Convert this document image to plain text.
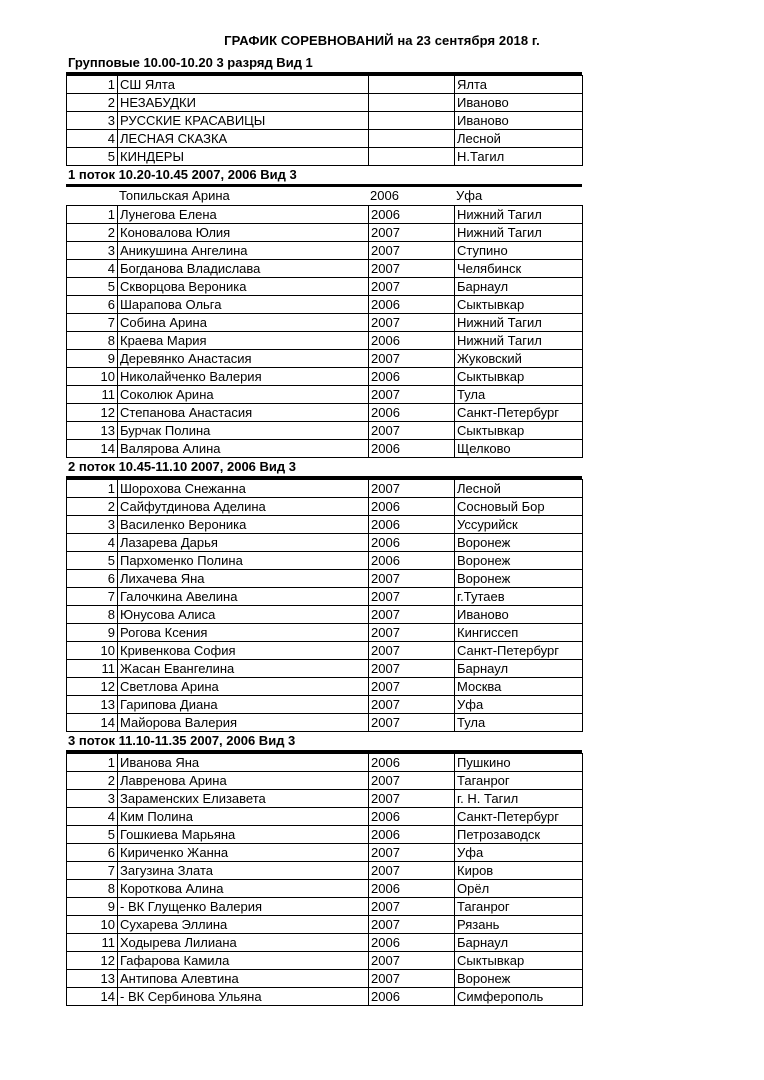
ГРАФИК СОРЕВНОВАНИЙ на 23 сентября 2018 г.
Групповые 10.00-10.20 3 разряд Вид 1
1	СШ Ялта		Ялта
2	НЕЗАБУДКИ		Иваново
3	РУССКИЕ КРАСАВИЦЫ		Иваново
4	ЛЕСНАЯ СКАЗКА		Лесной
5	КИНДЕРЫ		Н.Тагил
1 поток 10.20-10.45 2007, 2006 Вид 3
	Топильская Арина	2006	Уфа
1	Лунегова Елена	2006	Нижний Тагил
2	Коновалова Юлия	2007	Нижний Тагил
3	Аникушина Ангелина	2007	Ступино
4	Богданова Владислава	2007	Челябинск
5	Скворцова Вероника	2007	Барнаул
6	Шарапова Ольга	2006	Сыктывкар
7	Собина Арина	2007	Нижний Тагил
8	Краева Мария	2006	Нижний Тагил
9	Деревянко Анастасия	2007	Жуковский
10	Николайченко Валерия	2006	Сыктывкар
11	Соколюк Арина	2007	Тула
12	Степанова Анастасия	2006	Санкт-Петербург
13	Бурчак Полина	2007	Сыктывкар
14	Валярова Алина	2006	Щелково
2 поток 10.45-11.10 2007, 2006 Вид 3
1	Шорохова Снежанна	2007	Лесной
2	Сайфутдинова Аделина	2006	Сосновый Бор
3	Василенко Вероника	2006	Уссурийск
4	Лазарева Дарья	2006	Воронеж
5	Пархоменко Полина	2006	Воронеж
6	Лихачева Яна	2007	Воронеж
7	Галочкина Авелина	2007	г.Тутаев
8	Юнусова Алиса	2007	Иваново
9	Рогова Ксения	2007	Кингиссеп
10	Кривенкова София	2007	Санкт-Петербург
11	Жасан Евангелина	2007	Барнаул
12	Светлова Арина	2007	Москва
13	Гарипова Диана	2007	Уфа
14	Майорова Валерия	2007	Тула
3 поток 11.10-11.35 2007, 2006 Вид 3
1	Иванова Яна	2006	Пушкино
2	Лавренова Арина	2007	Таганрог
3	Зараменских Елизавета	2007	г. Н. Тагил
4	Ким Полина	2006	Санкт-Петербург
5	Гошкиева Марьяна	2006	Петрозаводск
6	Кириченко Жанна	2007	Уфа
7	Загузина Злата	2007	Киров
8	Короткова Алина	2006	Орёл
9	- ВК Глущенко Валерия	2007	Таганрог
10	Сухарева Эллина	2007	Рязань
11	Ходырева Лилиана	2006	Барнаул
12	Гафарова Камила	2007	Сыктывкар
13	Антипова Алевтина	2007	Воронеж
14	- ВК Сербинова Ульяна	2006	Симферополь
